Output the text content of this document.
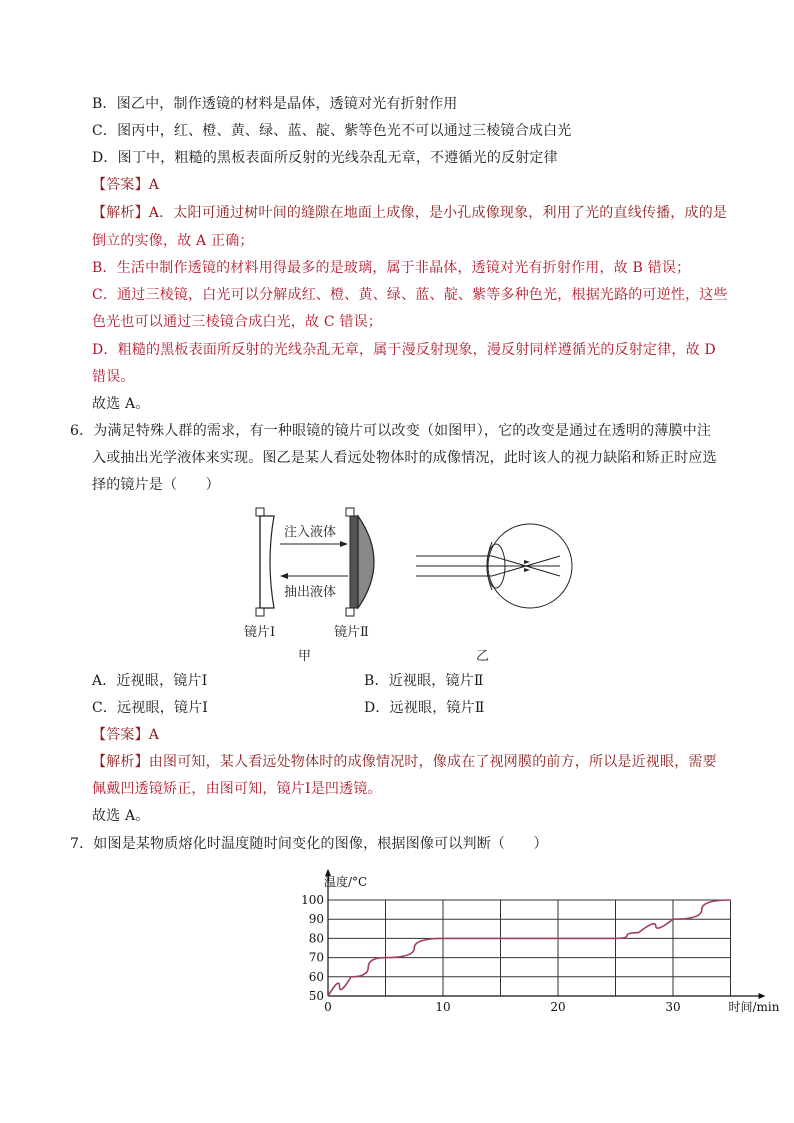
B．图乙中，制作透镜的材料是晶体，透镜对光有折射作用
C．图丙中，红、橙、黄、绿、蓝、靛、紫等色光不可以通过三棱镜合成白光
D．图丁中，粗糙的黑板表面所反射的光线杂乱无章，不遵循光的反射定律
【答案】A
【解析】A．太阳可通过树叶间的缝隙在地面上成像，是小孔成像现象，利用了光的直线传播，成的是
倒立的实像，故 A 正确；
B．生活中制作透镜的材料用得最多的是玻璃，属于非晶体，透镜对光有折射作用，故 B 错误；
C．通过三棱镜，白光可以分解成红、橙、黄、绿、蓝、靛、紫等多种色光，根据光路的可逆性，这些
色光也可以通过三棱镜合成白光，故 C 错误；
D．粗糙的黑板表面所反射的光线杂乱无章，属于漫反射现象，漫反射同样遵循光的反射定律，故 D
错误。
故选 A。
6．为满足特殊人群的需求，有一种眼镜的镜片可以改变（如图甲），它的改变是通过在透明的薄膜中注
入或抽出光学液体来实现。图乙是某人看远处物体时的成像情况，此时该人的视力缺陷和矫正时应选
择的镜片是（　　）
注入液体
抽出液体
镜片Ⅰ	镜片Ⅱ
甲	乙
A．近视眼，镜片Ⅰ	B．近视眼，镜片Ⅱ
C．远视眼，镜片Ⅰ	D．远视眼，镜片Ⅱ
【答案】A
【解析】由图可知，某人看远处物体时的成像情况时，像成在了视网膜的前方，所以是近视眼，需要
佩戴凹透镜矫正，由图可知，镜片Ⅰ是凹透镜。
故选 A。
7．如图是某物质熔化时温度随时间变化的图像，根据图像可以判断（　　）
50
60
70
80
90
100
0	10	20	30
温度/°C
时间/min
